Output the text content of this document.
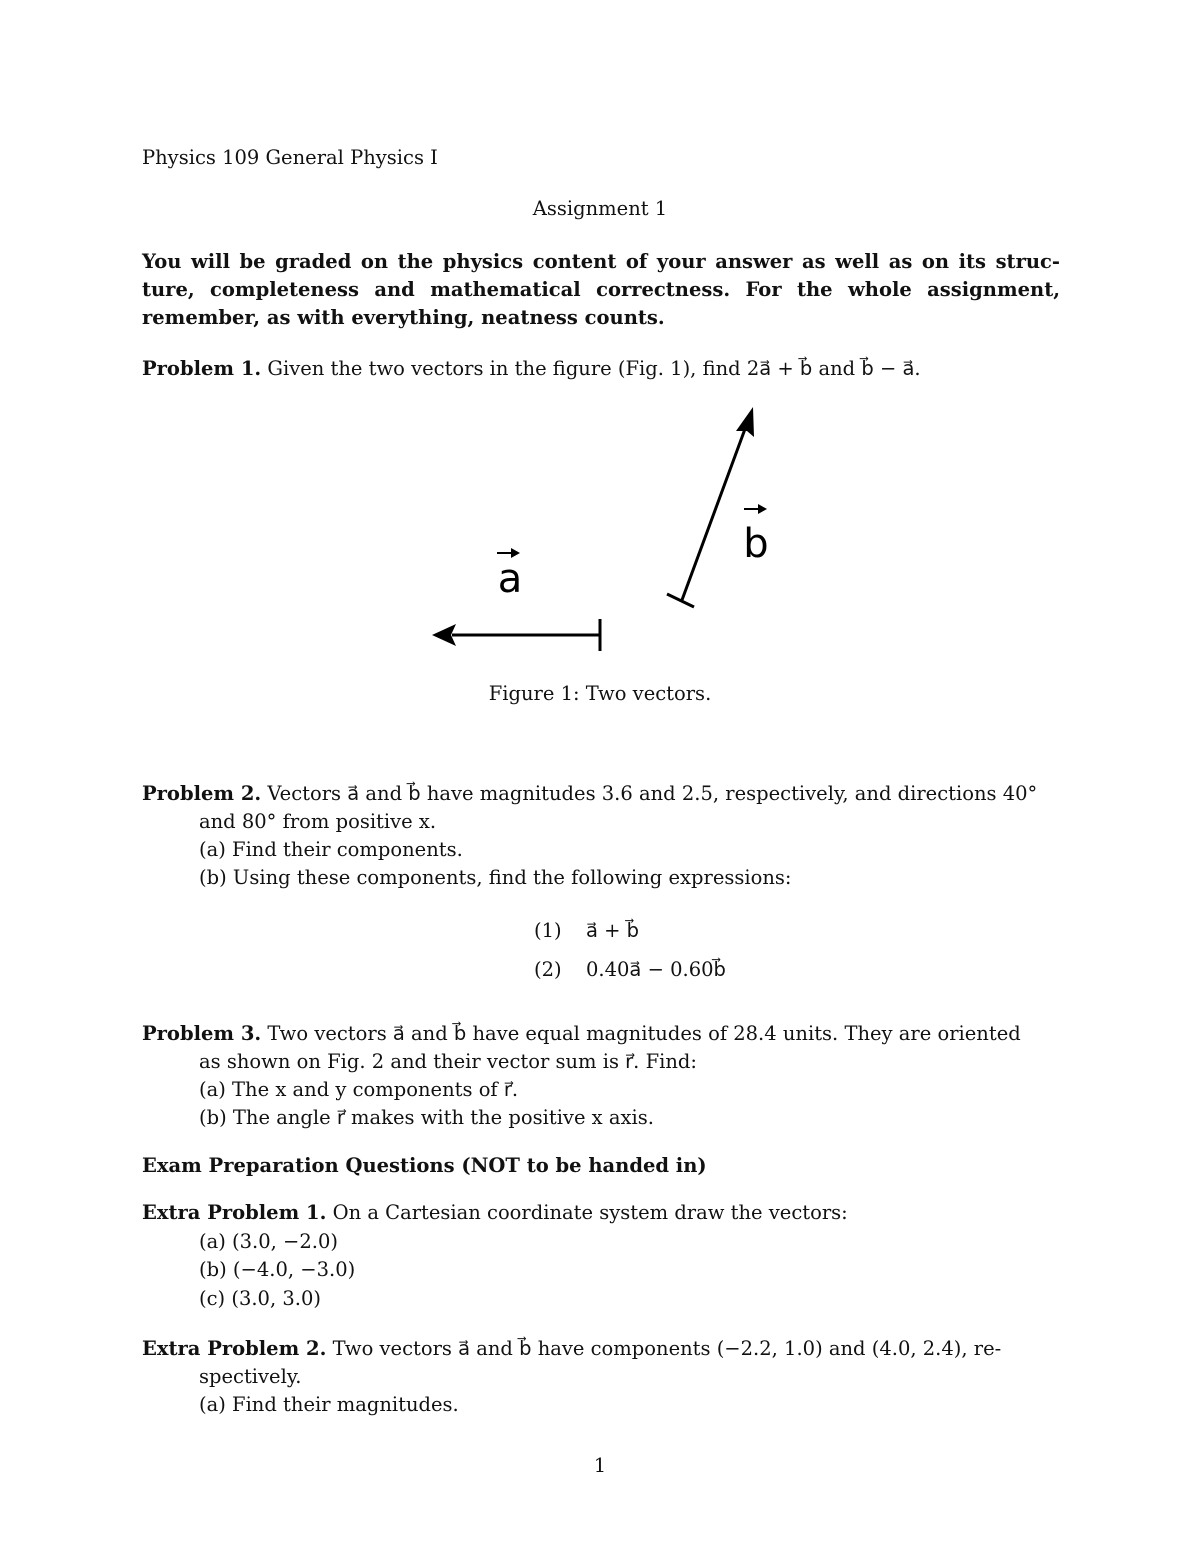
Physics 109 General Physics I
Assignment 1
You will be graded on the physics content of your answer as well as on its struc-
ture, completeness and mathematical correctness. For the whole assignment,
remember, as with everything, neatness counts.
Problem 1. Given the two vectors in the figure (Fig. 1), find 2a⃗ + b⃗ and b⃗ − a⃗.
a
b
Figure 1: Two vectors.
Problem 2. Vectors a⃗ and b⃗ have magnitudes 3.6 and 2.5, respectively, and directions 40°
and 80° from positive x.
(a) Find their components.
(b) Using these components, find the following expressions:
(1) a⃗ + b⃗
(2) 0.40a⃗ − 0.60b⃗
Problem 3. Two vectors a⃗ and b⃗ have equal magnitudes of 28.4 units. They are oriented
as shown on Fig. 2 and their vector sum is r⃗. Find:
(a) The x and y components of r⃗.
(b) The angle r⃗ makes with the positive x axis.
Exam Preparation Questions (NOT to be handed in)
Extra Problem 1. On a Cartesian coordinate system draw the vectors:
(a) (3.0, −2.0)
(b) (−4.0, −3.0)
(c) (3.0, 3.0)
Extra Problem 2. Two vectors a⃗ and b⃗ have components (−2.2, 1.0) and (4.0, 2.4), re-
spectively.
(a) Find their magnitudes.
1
